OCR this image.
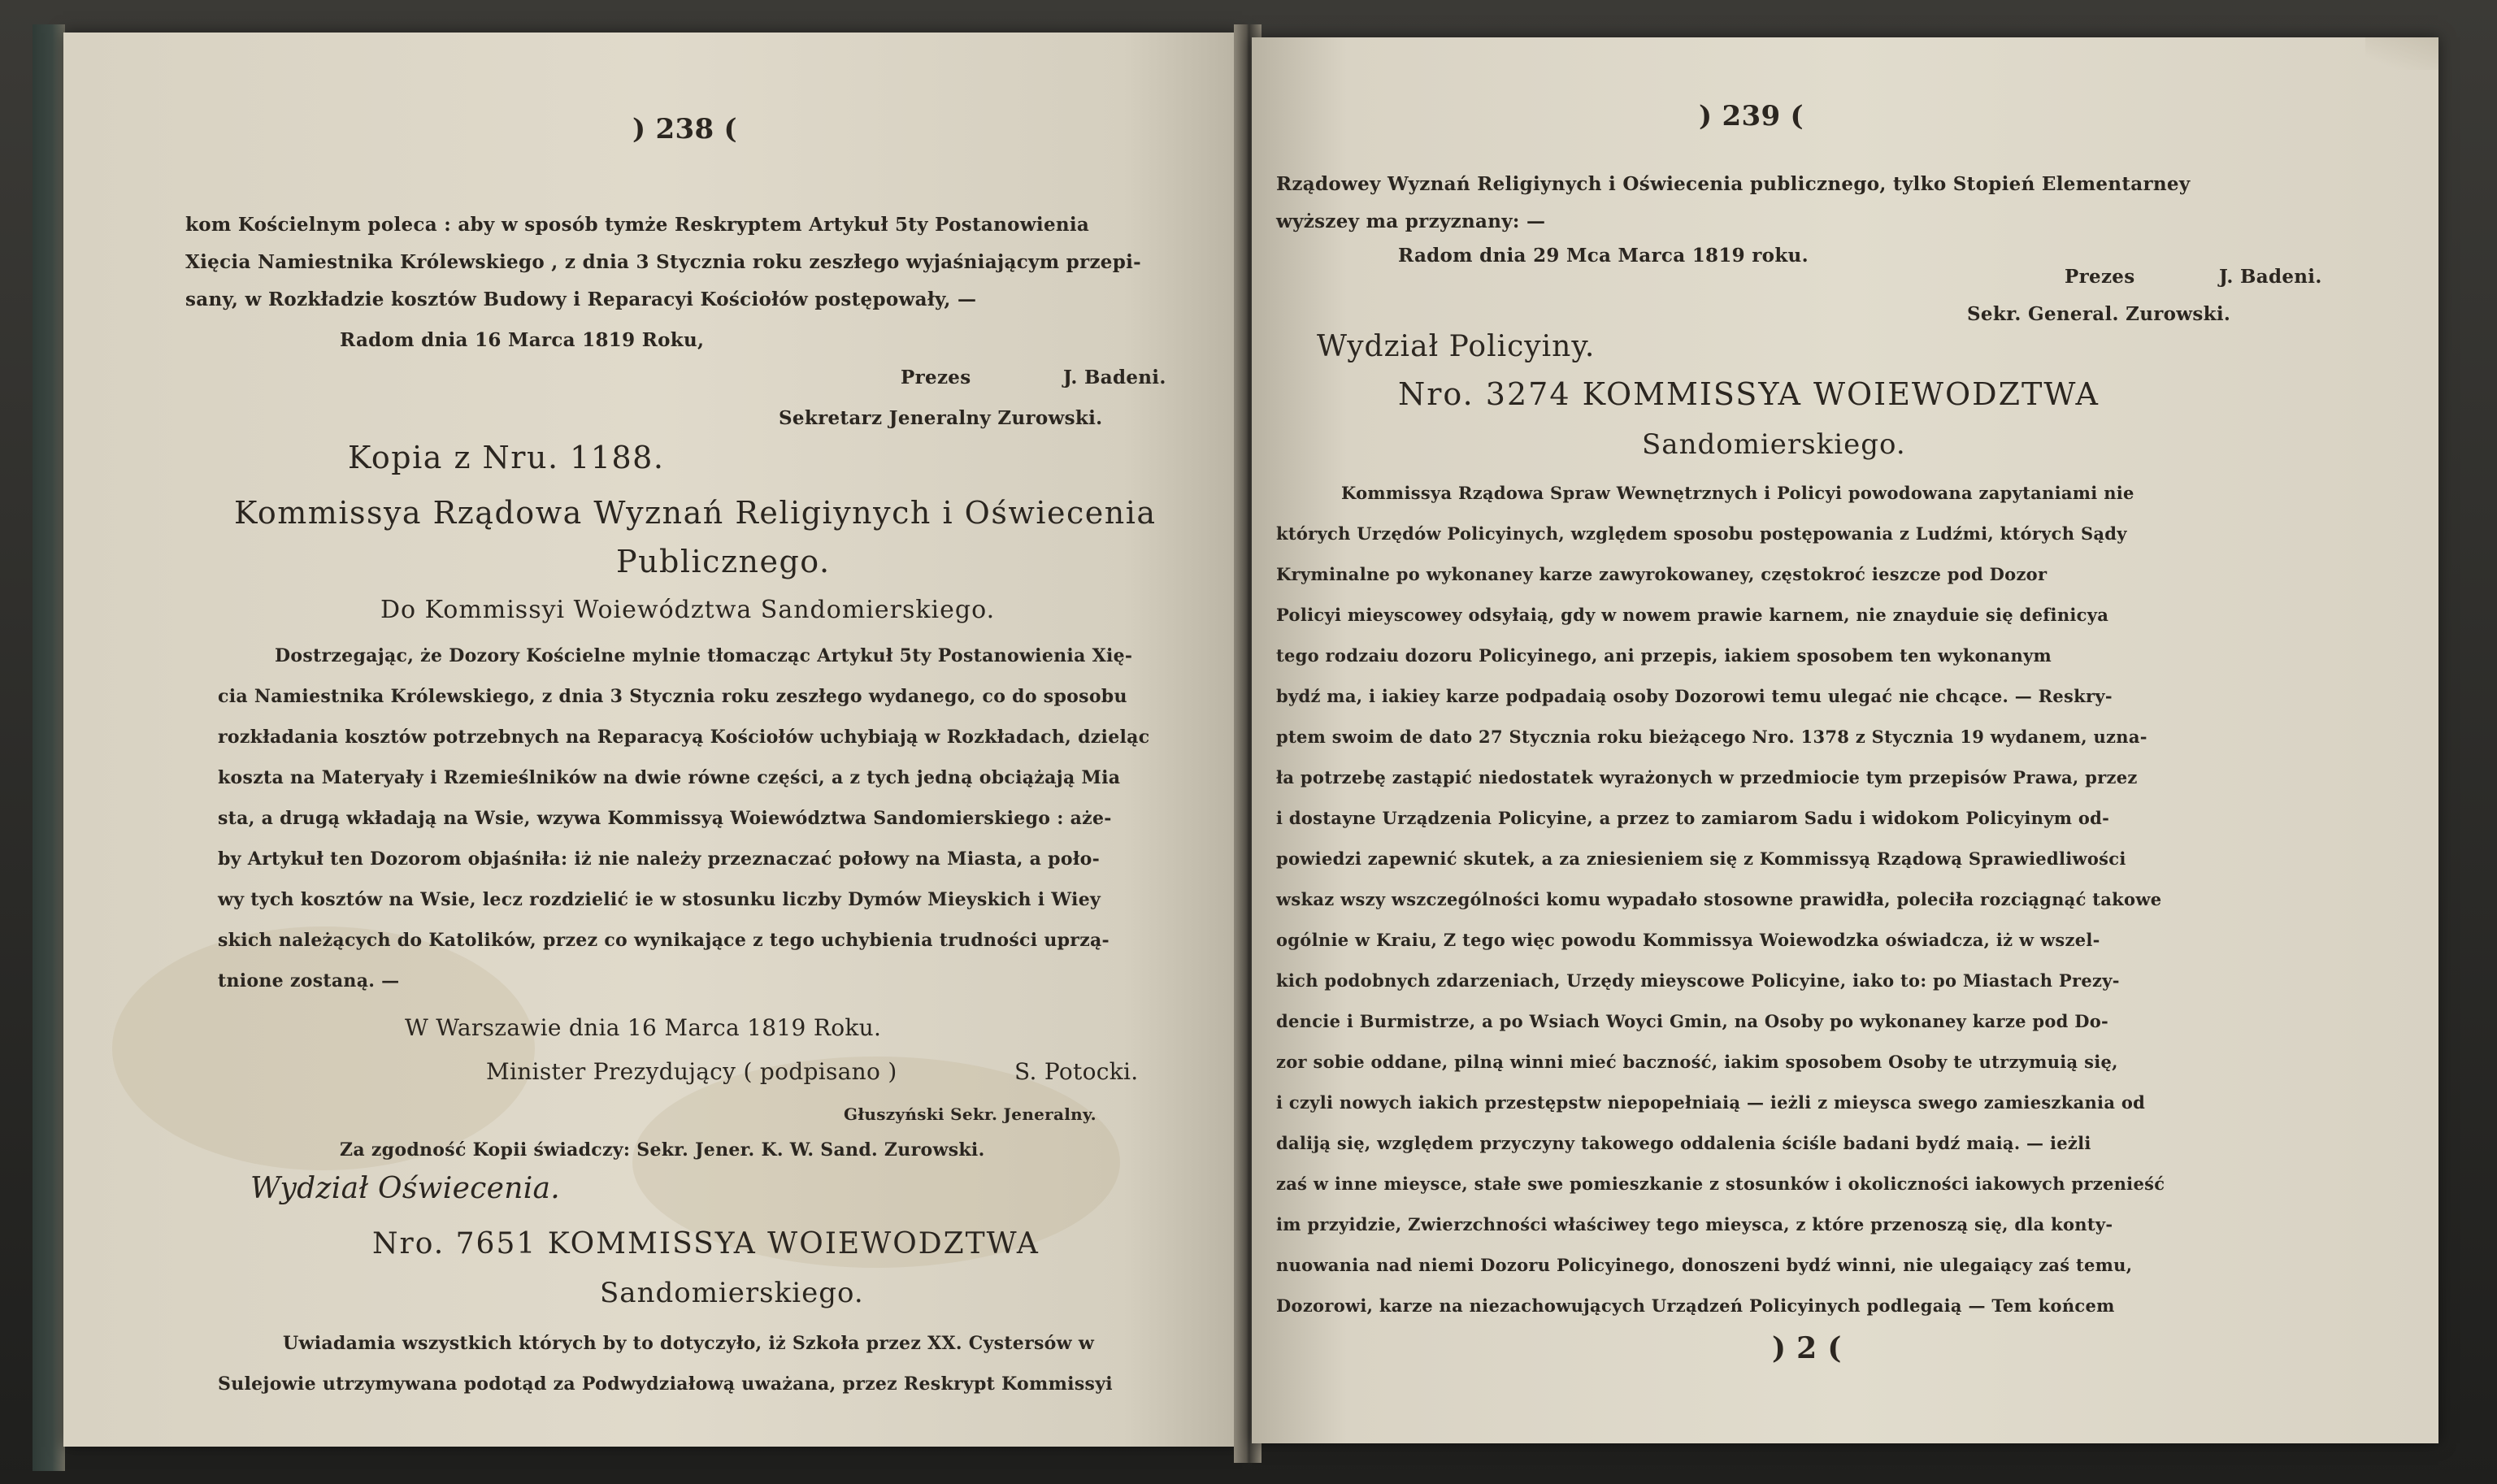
) 238 (
kom Kościelnym poleca : aby w sposób tymże Reskryptem Artykuł 5ty Postanowienia
Xięcia Namiestnika Królewskiego , z dnia 3 Stycznia roku zeszłego wyjaśniającym przepi-
sany, w Rozkładzie kosztów Budowy i Reparacyi Kościołów postępowały, —
Radom dnia 16 Marca 1819 Roku,
Prezes	J. Badeni.
Sekretarz Jeneralny Zurowski.
Kopia z Nru. 1188.
Kommissya Rządowa Wyznań Religiynych i Oświecenia
Publicznego.
Do Kommissyi Woiewództwa Sandomierskiego.
Dostrzegając, że Dozory Kościelne mylnie tłomacząc Artykuł 5ty Postanowienia Xię-
cia Namiestnika Królewskiego, z dnia 3 Stycznia roku zeszłego wydanego, co do sposobu
rozkładania kosztów potrzebnych na Reparacyą Kościołów uchybiają w Rozkładach, dzieląc
koszta na Materyały i Rzemieślników na dwie równe części, a z tych jedną obciążają Mia
sta, a drugą wkładają na Wsie, wzywa Kommissyą Woiewództwa Sandomierskiego : aże-
by Artykuł ten Dozorom objaśniła: iż nie należy przeznaczać połowy na Miasta, a poło-
wy tych kosztów na Wsie, lecz rozdzielić ie w stosunku liczby Dymów Mieyskich i Wiey
skich należących do Katolików, przez co wynikające z tego uchybienia trudności uprzą-
tnione zostaną. —
W Warszawie dnia 16 Marca 1819 Roku.
Minister Prezydujący ( podpisano )	S. Potocki.
Głuszyński Sekr. Jeneralny.
Za zgodność Kopii świadczy: Sekr. Jener. K. W. Sand. Zurowski.
Wydział Oświecenia.
Nro. 7651 KOMMISSYA WOIEWODZTWA
Sandomierskiego.
Uwiadamia wszystkich których by to dotyczyło, iż Szkoła przez XX. Cystersów w
Sulejowie utrzymywana podotąd za Podwydziałową uważana, przez Reskrypt Kommissyi
) 239 (
Rządowey Wyznań Religiynych i Oświecenia publicznego, tylko Stopień Elementarney
wyższey ma przyznany: —
Radom dnia 29 Mca Marca 1819 roku.
Prezes	J. Badeni.
Sekr. General. Zurowski.
Wydział Policyiny.
Nro. 3274 KOMMISSYA WOIEWODZTWA
Sandomierskiego.
Kommissya Rządowa Spraw Wewnętrznych i Policyi powodowana zapytaniami nie
których Urzędów Policyinych, względem sposobu postępowania z Ludźmi, których Sądy
Kryminalne po wykonaney karze zawyrokowaney, częstokroć ieszcze pod Dozor
Policyi mieyscowey odsyłaią, gdy w nowem prawie karnem, nie znayduie się definicya
tego rodzaiu dozoru Policyinego, ani przepis, iakiem sposobem ten wykonanym
bydź ma, i iakiey karze podpadaią osoby Dozorowi temu ulegać nie chcące. — Reskry-
ptem swoim de dato 27 Stycznia roku bieżącego Nro. 1378 z Stycznia 19 wydanem, uzna-
ła potrzebę zastąpić niedostatek wyrażonych w przedmiocie tym przepisów Prawa, przez
i dostayne Urządzenia Policyine, a przez to zamiarom Sadu i widokom Policyinym od-
powiedzi zapewnić skutek, a za zniesieniem się z Kommissyą Rządową Sprawiedliwości
wskaz wszy wszczególności komu wypadało stosowne prawidła, poleciła rozciągnąć takowe
ogólnie w Kraiu, Z tego więc powodu Kommissya Woiewodzka oświadcza, iż w wszel-
kich podobnych zdarzeniach, Urzędy mieyscowe Policyine, iako to: po Miastach Prezy-
dencie i Burmistrze, a po Wsiach Woyci Gmin, na Osoby po wykonaney karze pod Do-
zor sobie oddane, pilną winni mieć baczność, iakim sposobem Osoby te utrzymuią się,
i czyli nowych iakich przestępstw niepopełniaią — ieżli z mieysca swego zamieszkania od
daliją się, względem przyczyny takowego oddalenia ściśle badani bydź maią. — ieżli
zaś w inne mieysce, stałe swe pomieszkanie z stosunków i okoliczności iakowych przenieść
im przyidzie, Zwierzchności właściwey tego mieysca, z które przenoszą się, dla konty-
nuowania nad niemi Dozoru Policyinego, donoszeni bydź winni, nie ulegaiący zaś temu,
Dozorowi, karze na niezachowujących Urządzeń Policyinych podlegaią — Tem końcem
) 2 (
